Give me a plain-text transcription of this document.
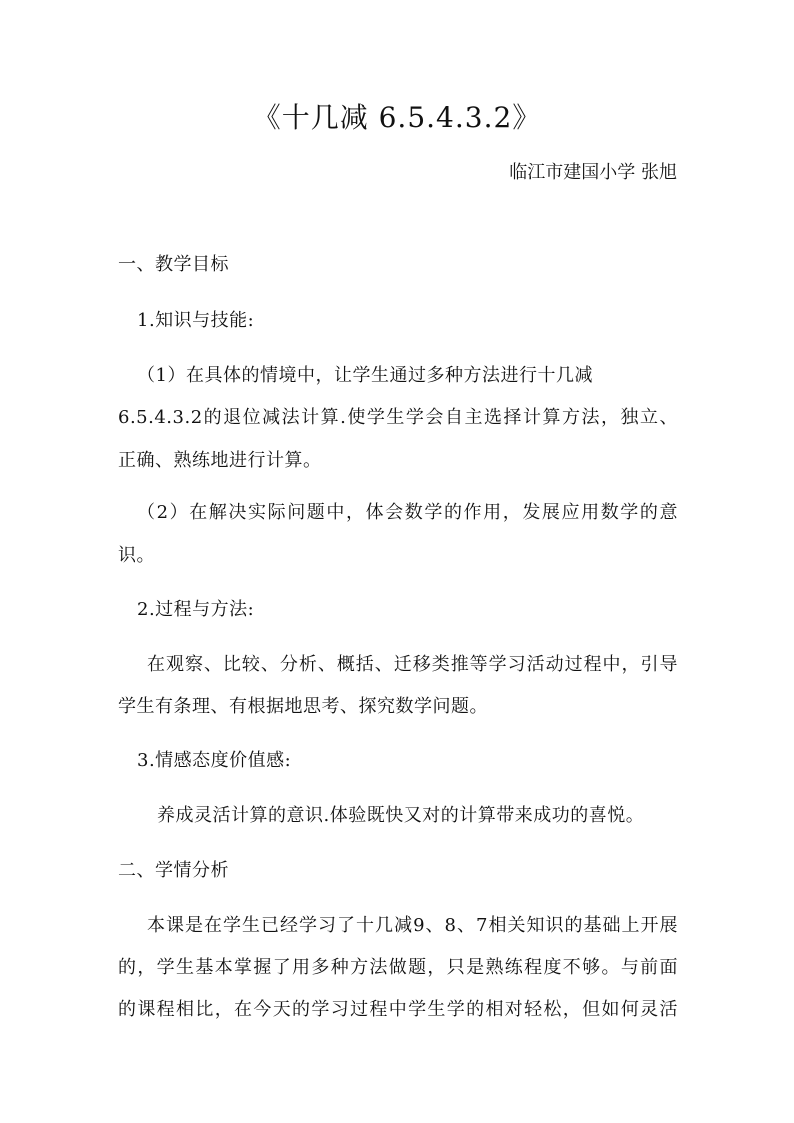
《十几减 6.5.4.3.2》
临江市建国小学 张旭
一、教学目标
1.知识与技能:
（1）在具体的情境中，让学生通过多种方法进行十几减
6.5.4.3.2的退位减法计算.使学生学会自主选择计算方法，独立、
正确、熟练地进行计算。
（2）在解决实际问题中，体会数学的作用，发展应用数学的意
识。
2.过程与方法:
在观察、比较、分析、概括、迁移类推等学习活动过程中，引导
学生有条理、有根据地思考、探究数学问题。
3.情感态度价值感:
养成灵活计算的意识.体验既快又对的计算带来成功的喜悦。
二、学情分析
本课是在学生已经学习了十几减9、8、7相关知识的基础上开展
的，学生基本掌握了用多种方法做题，只是熟练程度不够。与前面
的课程相比，在今天的学习过程中学生学的相对轻松，但如何灵活
